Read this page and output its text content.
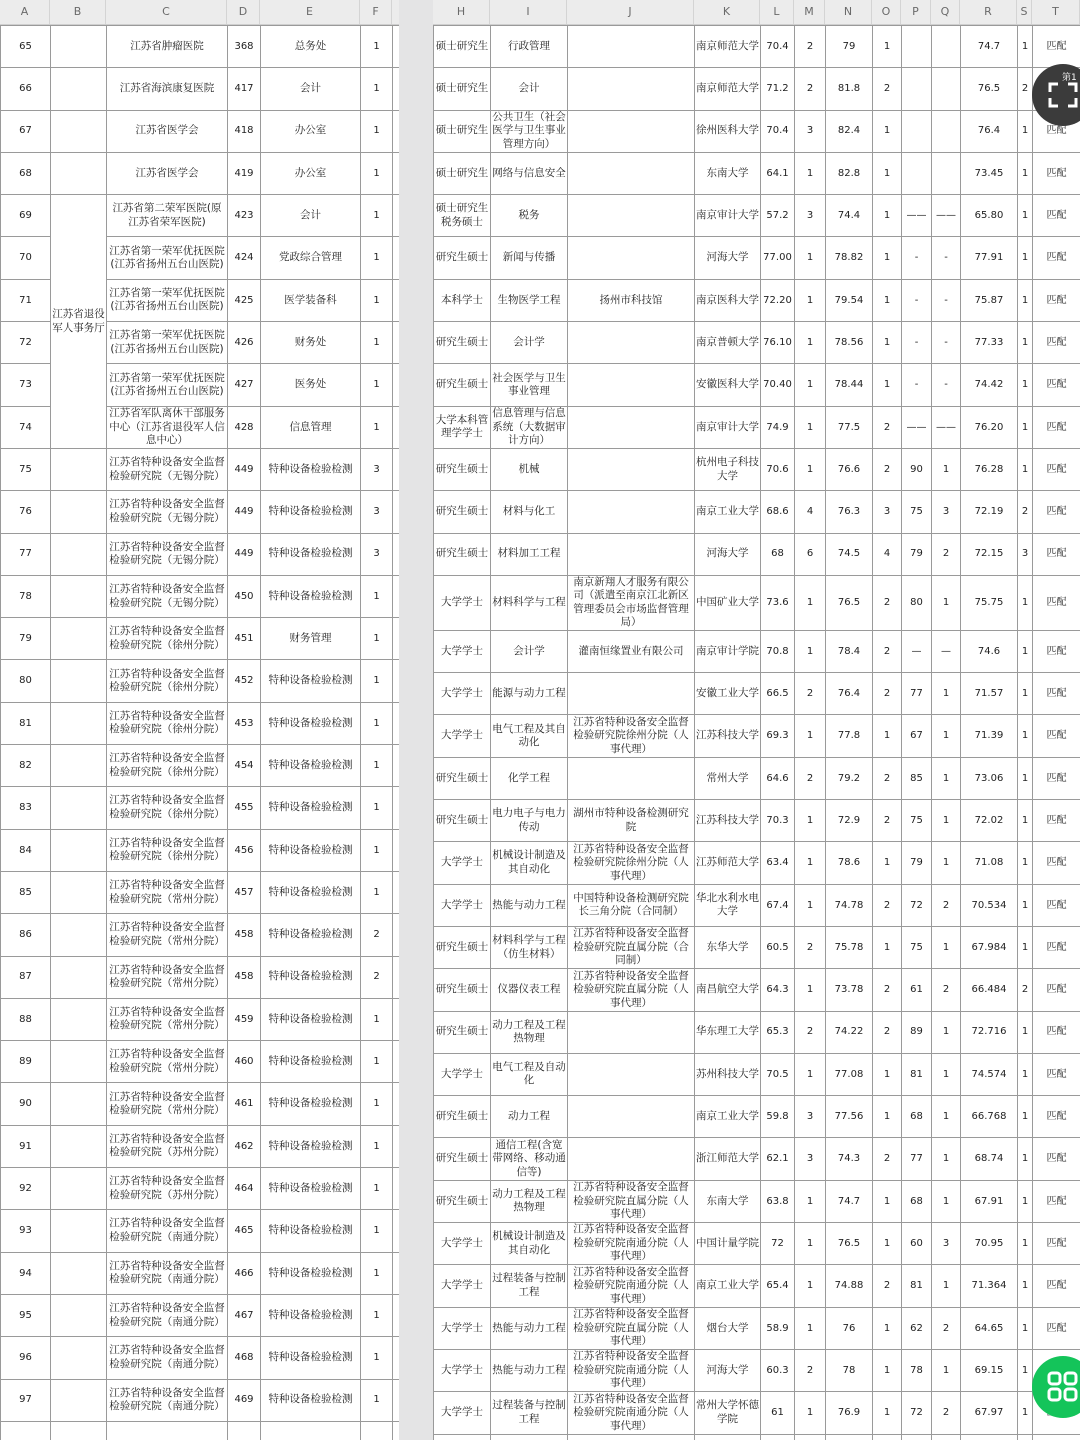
A	B	C	D	E	F	H	I	J	K	L	M	N	O	P	Q	R	S	T
65		江苏省肿瘤医院	368	总务处	1	
66		江苏省海滨康复医院	417	会计	1	
67		江苏省医学会	418	办公室	1	
68		江苏省医学会	419	办公室	1	
69	江苏省退役军人事务厅	江苏省第二荣军医院(原江苏省荣军医院)	423	会计	1	
70		江苏省第一荣军优抚医院(江苏省扬州五台山医院)	424	党政综合管理	1	
71		江苏省第一荣军优抚医院(江苏省扬州五台山医院)	425	医学装备科	1	
72		江苏省第一荣军优抚医院(江苏省扬州五台山医院)	426	财务处	1	
73		江苏省第一荣军优抚医院(江苏省扬州五台山医院)	427	医务处	1	
74		江苏省军队离休干部服务中心（江苏省退役军人信息中心）	428	信息管理	1	
75		江苏省特种设备安全监督检验研究院（无锡分院）	449	特种设备检验检测	3	
76		江苏省特种设备安全监督检验研究院（无锡分院）	449	特种设备检验检测	3	
77		江苏省特种设备安全监督检验研究院（无锡分院）	449	特种设备检验检测	3	
78		江苏省特种设备安全监督检验研究院（无锡分院）	450	特种设备检验检测	1	
79		江苏省特种设备安全监督检验研究院（徐州分院）	451	财务管理	1	
80		江苏省特种设备安全监督检验研究院（徐州分院）	452	特种设备检验检测	1	
81		江苏省特种设备安全监督检验研究院（徐州分院）	453	特种设备检验检测	1	
82		江苏省特种设备安全监督检验研究院（徐州分院）	454	特种设备检验检测	1	
83		江苏省特种设备安全监督检验研究院（徐州分院）	455	特种设备检验检测	1	
84		江苏省特种设备安全监督检验研究院（徐州分院）	456	特种设备检验检测	1	
85		江苏省特种设备安全监督检验研究院（常州分院）	457	特种设备检验检测	1	
86		江苏省特种设备安全监督检验研究院（常州分院）	458	特种设备检验检测	2	
87		江苏省特种设备安全监督检验研究院（常州分院）	458	特种设备检验检测	2	
88		江苏省特种设备安全监督检验研究院（常州分院）	459	特种设备检验检测	1	
89		江苏省特种设备安全监督检验研究院（常州分院）	460	特种设备检验检测	1	
90		江苏省特种设备安全监督检验研究院（常州分院）	461	特种设备检验检测	1	
91		江苏省特种设备安全监督检验研究院（苏州分院）	462	特种设备检验检测	1	
92		江苏省特种设备安全监督检验研究院（苏州分院）	464	特种设备检验检测	1	
93		江苏省特种设备安全监督检验研究院（南通分院）	465	特种设备检验检测	1	
94		江苏省特种设备安全监督检验研究院（南通分院）	466	特种设备检验检测	1	
95		江苏省特种设备安全监督检验研究院（南通分院）	467	特种设备检验检测	1	
96		江苏省特种设备安全监督检验研究院（南通分院）	468	特种设备检验检测	1	
97		江苏省特种设备安全监督检验研究院（南通分院）	469	特种设备检验检测	1	

硕士研究生	行政管理		南京师范大学	70.4	2	79	1			74.7	1	匹配
硕士研究生	会计		南京师范大学	71.2	2	81.8	2			76.5	2	
硕士研究生	公共卫生（社会医学与卫生事业管理方向）		徐州医科大学	70.4	3	82.4	1			76.4	1	匹配
硕士研究生	网络与信息安全		东南大学	64.1	1	82.8	1			73.45	1	匹配
硕士研究生税务硕士	税务		南京审计大学	57.2	3	74.4	1	——	——	65.80	1	匹配
研究生硕士	新闻与传播		河海大学	77.00	1	78.82	1	-	-	77.91	1	匹配
本科学士	生物医学工程	扬州市科技馆	南京医科大学	72.20	1	79.54	1	-	-	75.87	1	匹配
研究生硕士	会计学		南京普顿大学	76.10	1	78.56	1	-	-	77.33	1	匹配
研究生硕士	社会医学与卫生事业管理		安徽医科大学	70.40	1	78.44	1	-	-	74.42	1	匹配
大学本科管理学学士	信息管理与信息系统（大数据审计方向）		南京审计大学	74.9	1	77.5	2	——	——	76.20	1	匹配
研究生硕士	机械		杭州电子科技大学	70.6	1	76.6	2	90	1	76.28	1	匹配
研究生硕士	材料与化工		南京工业大学	68.6	4	76.3	3	75	3	72.19	2	匹配
研究生硕士	材料加工工程		河海大学	68	6	74.5	4	79	2	72.15	3	匹配
大学学士	材料科学与工程	南京新翔人才服务有限公司（派遣至南京江北新区管理委员会市场监督管理局）	中国矿业大学	73.6	1	76.5	2	80	1	75.75	1	匹配
大学学士	会计学	灌南恒缘置业有限公司	南京审计学院	70.8	1	78.4	2	—	—	74.6	1	匹配
大学学士	能源与动力工程		安徽工业大学	66.5	2	76.4	2	77	1	71.57	1	匹配
大学学士	电气工程及其自动化	江苏省特种设备安全监督检验研究院徐州分院（人事代理）	江苏科技大学	69.3	1	77.8	1	67	1	71.39	1	匹配
研究生硕士	化学工程		常州大学	64.6	2	79.2	2	85	1	73.06	1	匹配
研究生硕士	电力电子与电力传动	湖州市特种设备检测研究院	江苏科技大学	70.3	1	72.9	2	75	1	72.02	1	匹配
大学学士	机械设计制造及其自动化	江苏省特种设备安全监督检验研究院徐州分院（人事代理）	江苏师范大学	63.4	1	78.6	1	79	1	71.08	1	匹配
大学学士	热能与动力工程	中国特种设备检测研究院长三角分院（合同制）	华北水利水电大学	67.4	1	74.78	2	72	2	70.534	1	匹配
研究生硕士	材料科学与工程（仿生材料）	江苏省特种设备安全监督检验研究院直属分院（合同制）	东华大学	60.5	2	75.78	1	75	1	67.984	1	匹配
研究生硕士	仪器仪表工程	江苏省特种设备安全监督检验研究院直属分院（人事代理）	南昌航空大学	64.3	1	73.78	2	61	2	66.484	2	匹配
研究生硕士	动力工程及工程热物理		华东理工大学	65.3	2	74.22	2	89	1	72.716	1	匹配
大学学士	电气工程及自动化		苏州科技大学	70.5	1	77.08	1	81	1	74.574	1	匹配
研究生硕士	动力工程		南京工业大学	59.8	3	77.56	1	68	1	66.768	1	匹配
研究生硕士	通信工程(含宽带网络、移动通信等)		浙江师范大学	62.1	3	74.3	2	77	1	68.74	1	匹配
研究生硕士	动力工程及工程热物理	江苏省特种设备安全监督检验研究院直属分院（人事代理）	东南大学	63.8	1	74.7	1	68	1	67.91	1	匹配
大学学士	机械设计制造及其自动化	江苏省特种设备安全监督检验研究院南通分院（人事代理）	中国计量学院	72	1	76.5	1	60	3	70.95	1	匹配
大学学士	过程装备与控制工程	江苏省特种设备安全监督检验研究院南通分院（人事代理）	南京工业大学	65.4	1	74.88	2	81	1	71.364	1	匹配
大学学士	热能与动力工程	江苏省特种设备安全监督检验研究院直属分院（人事代理）	烟台大学	58.9	1	76	1	62	2	64.65	1	匹配
大学学士	热能与动力工程	江苏省特种设备安全监督检验研究院南通分院（人事代理）	河海大学	60.3	2	78	1	78	1	69.15	1	
大学学士	过程装备与控制工程	江苏省特种设备安全监督检验研究院南通分院（人事代理）	常州大学怀德学院	61	1	76.9	1	72	2	67.97	1	

第1
